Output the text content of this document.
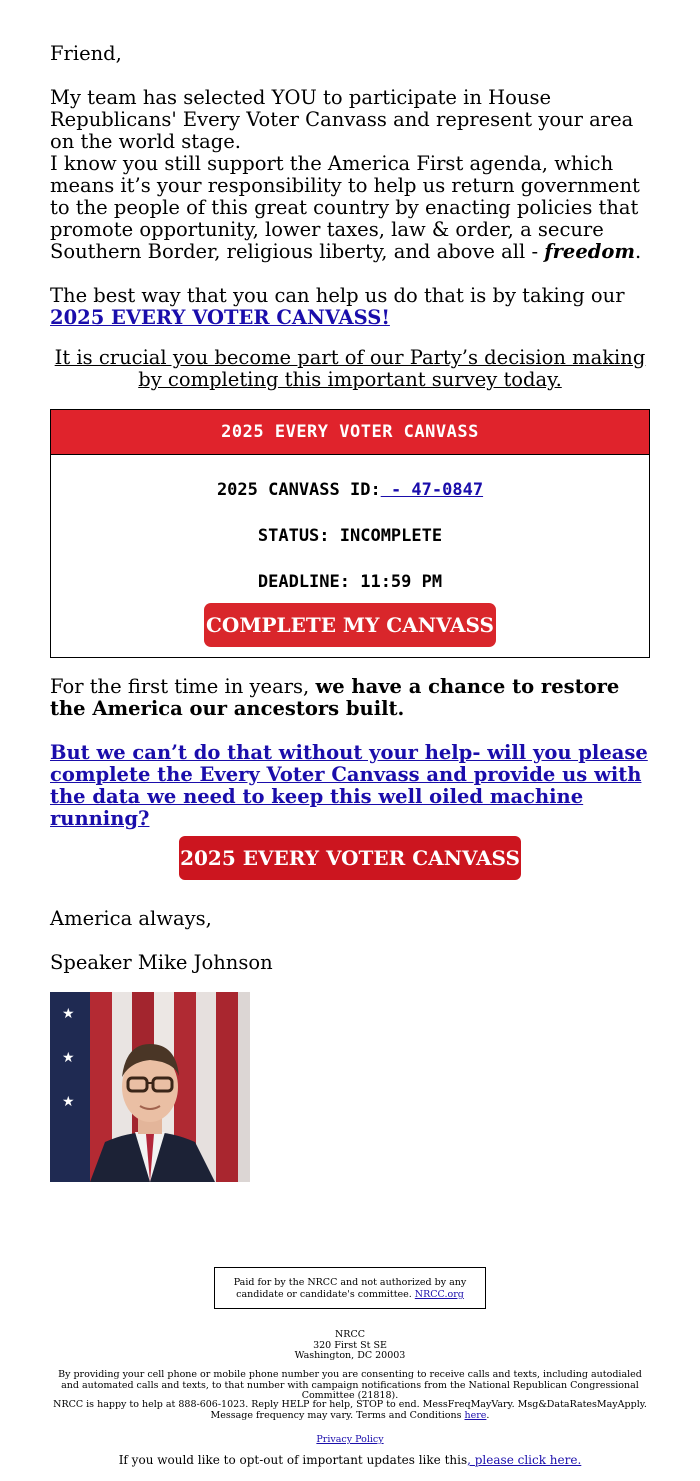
Friend,

My team has selected YOU to participate in House Republicans' Every Voter Canvass and represent your area on the world stage.

I know you still support the America First agenda, which means it’s your responsibility to help us return government to the people of this great country by enacting policies that promote opportunity, lower taxes, law & order, a secure Southern Border, religious liberty, and above all - freedom.

The best way that you can help us do that is by taking our 2025 EVERY VOTER CANVASS!

It is crucial you become part of our Party’s decision making by completing this important survey today.

2025 EVERY VOTER CANVASS
2025 CANVASS ID: - 47-0847
STATUS: INCOMPLETE
DEADLINE: 11:59 PM
COMPLETE MY CANVASS

For the first time in years, we have a chance to restore the America our ancestors built.

But we can’t do that without your help- will you please complete the Every Voter Canvass and provide us with the data we need to keep this well oiled machine running?

2025 EVERY VOTER CANVASS

America always,

Speaker Mike Johnson

★
★
★
Paid for by the NRCC and not authorized by any candidate or candidate's committee. NRCC.org
NRCC
320 First St SE
Washington, DC 20003
By providing your cell phone or mobile phone number you are consenting to receive calls and texts, including autodialed and automated calls and texts, to that number with campaign notifications from the National Republican Congressional Committee (21818).
NRCC is happy to help at 888-606-1023. Reply HELP for help, STOP to end. MessFreqMayVary. Msg&DataRatesMayApply. Message frequency may vary. Terms and Conditions here.
Privacy Policy
If you would like to opt-out of important updates like this, please click here.
